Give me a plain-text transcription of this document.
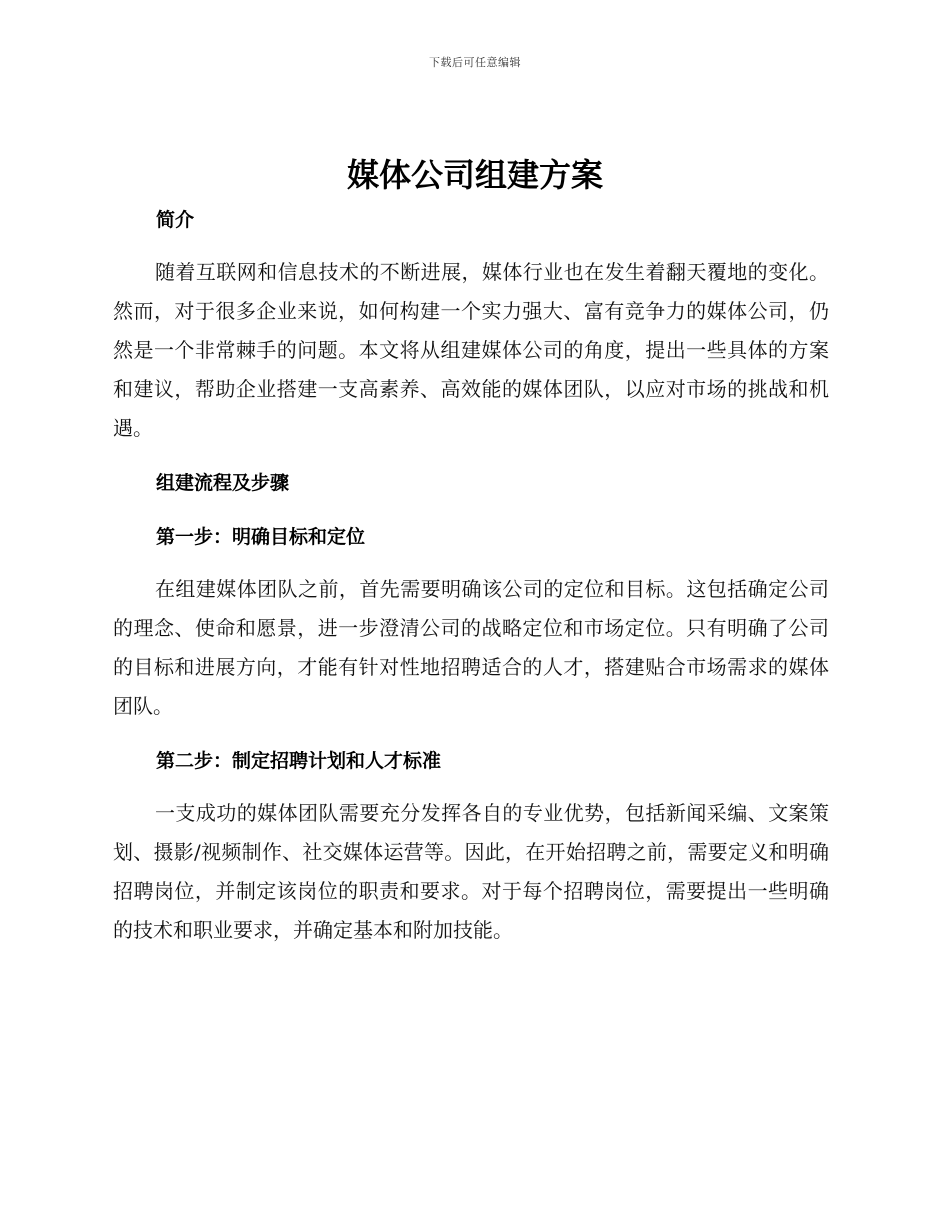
下载后可任意编辑
媒体公司组建方案

简介

随着互联网和信息技术的不断进展，媒体行业也在发生着翻天覆地的变化。然而，对于很多企业来说，如何构建一个实力强大、富有竞争力的媒体公司，仍然是一个非常棘手的问题。本文将从组建媒体公司的角度，提出一些具体的方案和建议，帮助企业搭建一支高素养、高效能的媒体团队，以应对市场的挑战和机遇。

组建流程及步骤

第一步：明确目标和定位

在组建媒体团队之前，首先需要明确该公司的定位和目标。这包括确定公司的理念、使命和愿景，进一步澄清公司的战略定位和市场定位。只有明确了公司的目标和进展方向，才能有针对性地招聘适合的人才，搭建贴合市场需求的媒体团队。

第二步：制定招聘计划和人才标准

一支成功的媒体团队需要充分发挥各自的专业优势，包括新闻采编、文案策划、摄影/视频制作、社交媒体运营等。因此，在开始招聘之前，需要定义和明确招聘岗位，并制定该岗位的职责和要求。对于每个招聘岗位，需要提出一些明确的技术和职业要求，并确定基本和附加技能。
